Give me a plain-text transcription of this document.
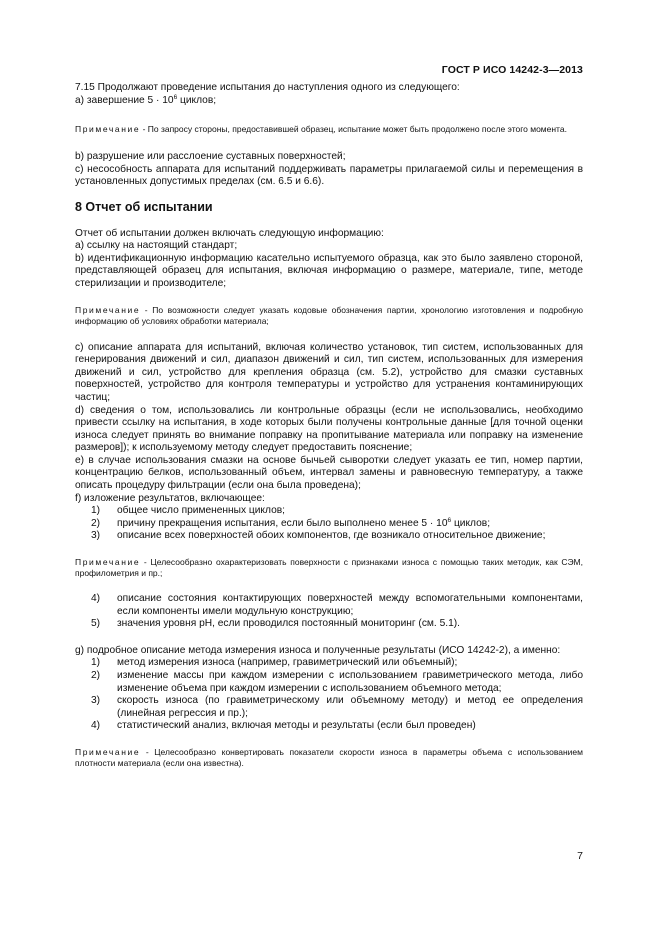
ГОСТ Р ИСО 14242-3—2013

7.15 Продолжают проведение испытания до наступления одного из следующего:

а) завершение $5 \cdot 10^6$ циклов;

Примечание - По запросу стороны, предоставившей образец, испытание может быть продолжено после этого момента.

b) разрушение или расслоение суставных поверхностей;

c) несособность аппарата для испытаний поддерживать параметры прилагаемой силы и перемещения в установленных допустимых пределах (см. 6.5 и 6.6).

8 Отчет об испытании

Отчет об испытании должен включать следующую информацию:

а) ссылку на настоящий стандарт;

b) идентификационную информацию касательно испытуемого образца, как это было заявлено стороной, представляющей образец для испытания, включая информацию о размере, материале, типе, методе стерилизации и производителе;

Примечание - По возможности следует указать кодовые обозначения партии, хронологию изготовления и подробную информацию об условиях обработки материала;

c) описание аппарата для испытаний, включая количество установок, тип систем, использованных для генерирования движений и сил, диапазон движений и сил, тип систем, использованных для измерения движений и сил, устройство для крепления образца (см. 5.2), устройство для смазки суставных поверхностей, устройство для контроля температуры и устройство для устранения контаминирующих частиц;

d) сведения о том, использовались ли контрольные образцы (если не использовались, необходимо привести ссылку на испытания, в ходе которых были получены контрольные данные [для точной оценки износа следует принять во внимание поправку на пропитывание материала или поправку на изменение размеров]); к используемому методу следует предоставить пояснение;

е) в случае использования смазки на основе бычьей сыворотки следует указать ее тип, номер партии, концентрацию белков, использованный объем, интервал замены и равновесную температуру, а также описать процедуру фильтрации (если она была проведена);

f) изложение результатов, включающее:

1)	общее число примененных циклов;
2)	причину прекращения испытания, если было выполнено менее $5 \cdot 10^6$ циклов;
3)	описание всех поверхностей обоих компонентов, где возникало относительное движение;

Примечание - Целесообразно охарактеризовать поверхности с признаками износа с помощью таких методик, как СЭМ, профилометрия и пр.;

4)	описание состояния контактирующих поверхностей между вспомогательными компонентами, если компоненты имели модульную конструкцию;
5)	значения уровня pH, если проводился постоянный мониторинг (см. 5.1).

g) подробное описание метода измерения износа и полученные результаты (ИСО 14242-2), а именно:

1)	метод измерения износа (например, гравиметрический или объемный);
2)	изменение массы при каждом измерении с использованием гравиметрического метода, либо изменение объема при каждом измерении с использованием объемного метода;
3)	скорость износа (по гравиметрическому или объемному методу) и метод ее определения (линейная регрессия и пр.);
4)	статистический анализ, включая методы и результаты (если был проведен)

Примечание - Целесообразно конвертировать показатели скорости износа в параметры объема с использованием плотности материала (если она известна).

7
